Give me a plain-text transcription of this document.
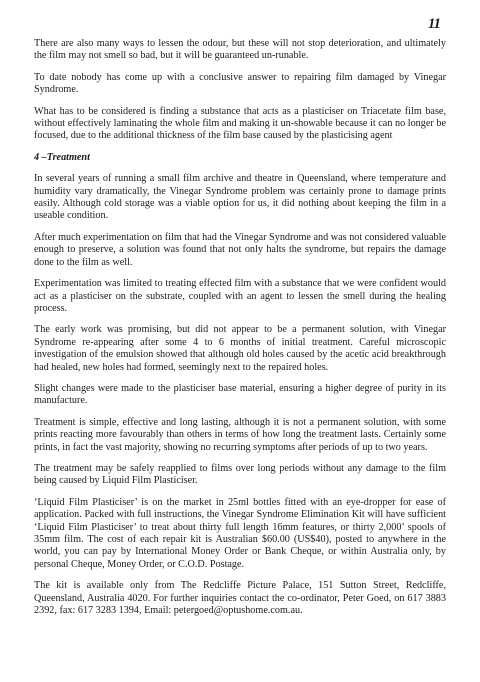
11

There are also many ways to lessen the odour, but these will not stop deterioration, and ultimately the film may not smell so bad, but it will be guaranteed un-runable.

To date nobody has come up with a conclusive answer to repairing film damaged by Vinegar Syndrome.

What has to be considered is finding a substance that acts as a plasticiser on Triacetate film base, without effectively laminating the whole film and making it un-showable because it can no longer be focused, due to the additional thickness of the film base caused by the plasticising agent

4 –Treatment

In several years of running a small film archive and theatre in Queensland, where temperature and humidity vary dramatically, the Vinegar Syndrome problem was certainly prone to damage prints easily. Although cold storage was a viable option for us, it did nothing about keeping the film in a useable condition.

After much experimentation on film that had the Vinegar Syndrome and was not considered valuable enough to preserve, a solution was found that not only halts the syndrome, but repairs the damage done to the film as well.

Experimentation was limited to treating effected film with a substance that we were confident would act as a plasticiser on the substrate, coupled with an agent to lessen the smell during the healing process.

The early work was promising, but did not appear to be a permanent solution, with Vinegar Syndrome re-appearing after some 4 to 6 months of initial treatment. Careful microscopic investigation of the emulsion showed that although old holes caused by the acetic acid breakthrough had healed, new holes had formed, seemingly next to the repaired holes.

Slight changes were made to the plasticiser base material, ensuring a higher degree of purity in its manufacture.

Treatment is simple, effective and long lasting, although it is not a permanent solution, with some prints reacting more favourably than others in terms of how long the treatment lasts. Certainly some prints, in fact the vast majority, showing no recurring symptoms after periods of up to two years.

The treatment may be safely reapplied to films over long periods without any damage to the film being caused by Liquid Film Plasticiser.

‘Liquid Film Plasticiser’ is on the market in 25ml bottles fitted with an eye-dropper for ease of application. Packed with full instructions, the Vinegar Syndrome Elimination Kit will have sufficient ‘Liquid Film Plasticiser’ to treat about thirty full length 16mm features, or thirty 2,000’ spools of 35mm film. The cost of each repair kit is Australian $60.00 (US$40), posted to anywhere in the world, you can pay by International Money Order or Bank Cheque, or within Australia only, by personal Cheque, Money Order, or C.O.D. Postage.

The kit is available only from The Redcliffe Picture Palace, 151 Sutton Street, Redcliffe, Queensland, Australia 4020. For further inquiries contact the co-ordinator, Peter Goed, on 617 3883 2392, fax: 617 3283 1394, Email: petergoed@optushome.com.au.
